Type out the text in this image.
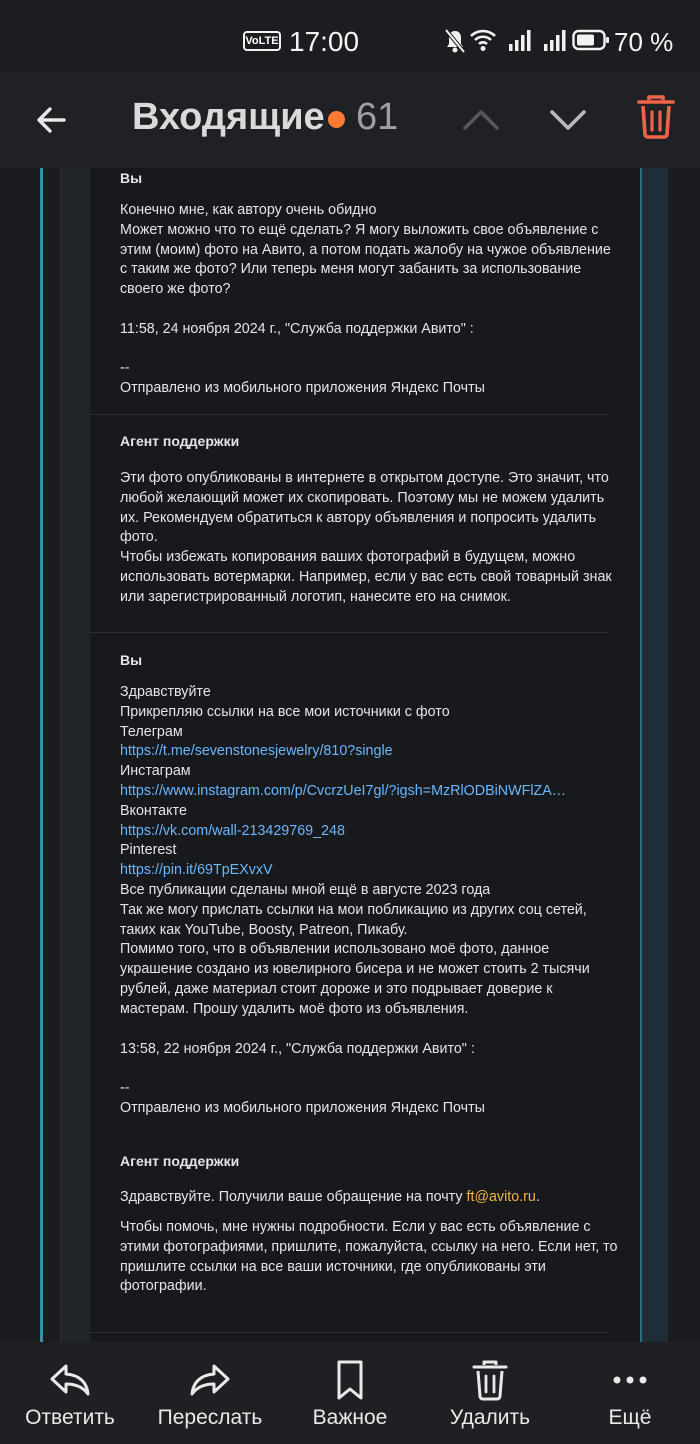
VoLTE 17:00	70 %
Входящие 61
Вы
Конечно мне, как автору очень обидно
Может можно что то ещё сделать? Я могу выложить свое объявление с
этим (моим) фото на Авито, а потом подать жалобу на чужое объявление
с таким же фото? Или теперь меня могут забанить за использование
своего же фото?
11:58, 24 ноября 2024 г., "Служба поддержки Авито" :
--
Отправлено из мобильного приложения Яндекс Почты
Агент поддержки
Эти фото опубликованы в интернете в открытом доступе. Это значит, что
любой желающий может их скопировать. Поэтому мы не можем удалить
их. Рекомендуем обратиться к автору объявления и попросить удалить
фото.
Чтобы избежать копирования ваших фотографий в будущем, можно
использовать вотермарки. Например, если у вас есть свой товарный знак
или зарегистрированный логотип, нанесите его на снимок.
Вы
Здравствуйте
Прикрепляю ссылки на все мои источники с фото
Телеграм
https://t.me/sevenstonesjewelry/810?single
Инстаграм
https://www.instagram.com/p/CvcrzUeI7gl/?igsh=MzRlODBiNWFlZA…
Вконтакте
https://vk.com/wall-213429769_248
Pinterest
https://pin.it/69TpEXvxV
Все публикации сделаны мной ещё в августе 2023 года
Так же могу прислать ссылки на мои побликацию из других соц сетей,
таких как YouTube, Boosty, Patreon, Пикабу.
Помимо того, что в объявлении использовано моё фото, данное
украшение создано из ювелирного бисера и не может стоить 2 тысячи
рублей, даже материал стоит дороже и это подрывает доверие к
мастерам. Прошу удалить моё фото из объявления.
13:58, 22 ноября 2024 г., "Служба поддержки Авито" :
--
Отправлено из мобильного приложения Яндекс Почты
Агент поддержки
Здравствуйте. Получили ваше обращение на почту ft@avito.ru.
Чтобы помочь, мне нужны подробности. Если у вас есть объявление с
этими фотографиями, пришлите, пожалуйста, ссылку на него. Если нет, то
пришлите ссылки на все ваши источники, где опубликованы эти
фотографии.
Ответить	Переслать	Важное	Удалить	Ещё
